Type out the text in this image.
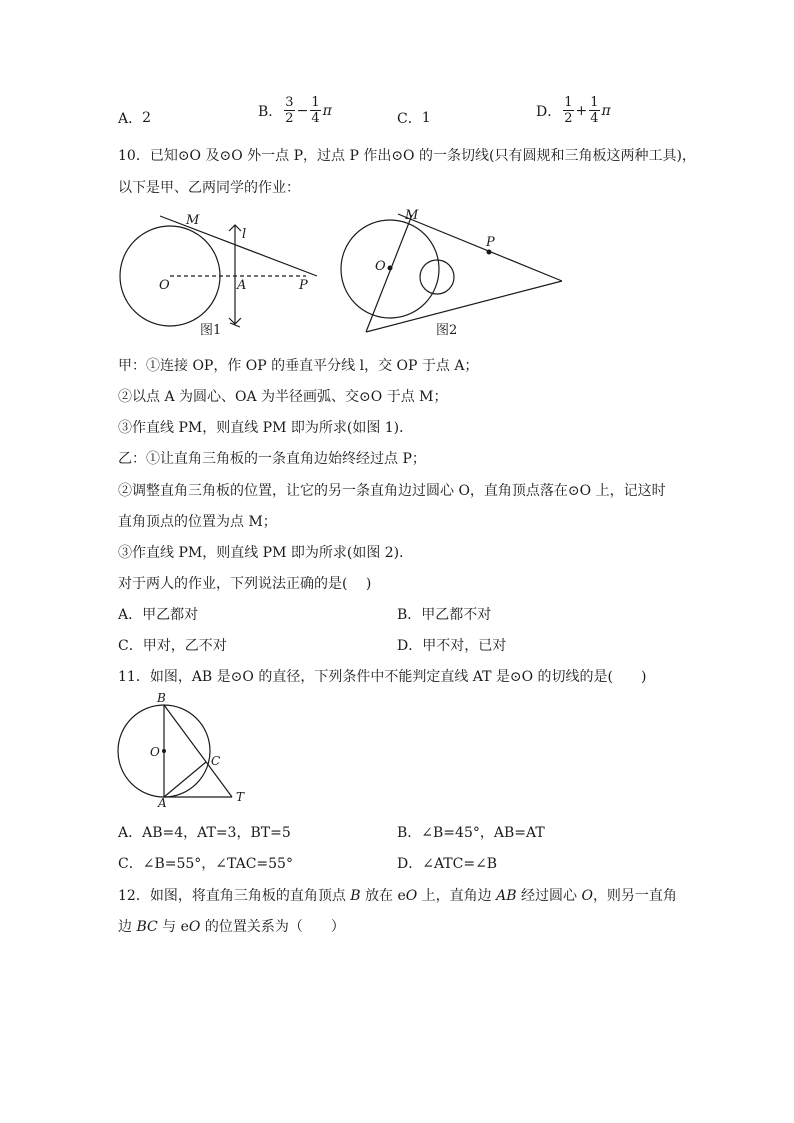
A． 2	B． $\frac{3}{2} - \frac{1}{4}$ π
C． 1	D． $\frac{1}{2} + \frac{1}{4}$ π
10．已知⊙O 及⊙O 外一点 P，过点 P 作出⊙O 的一条切线(只有圆规和三角板这两种工具)，
以下是甲、乙两同学的作业：
M
l
O	A	P
图1
M
P
O
图2
甲：①连接 OP，作 OP 的垂直平分线 l，交 OP 于点 A；
②以点 A 为圆心、OA 为半径画弧、交⊙O 于点 M；
③作直线 PM，则直线 PM 即为所求(如图 1)．
乙：①让直角三角板的一条直角边始终经过点 P；
②调整直角三角板的位置，让它的另一条直角边过圆心 O，直角顶点落在⊙O 上，记这时
直角顶点的位置为点 M；
③作直线 PM，则直线 PM 即为所求(如图 2)．
对于两人的作业，下列说法正确的是(　 )
A．甲乙都对	B．甲乙都不对
C．甲对，乙不对	D．甲不对，已对
11．如图，AB 是⊙O 的直径，下列条件中不能判定直线 AT 是⊙O 的切线的是(　　)
B
O
C
A	T
A．AB=4，AT=3，BT=5	B．∠B=45°，AB=AT
C．∠B=55°，∠TAC=55°	D．∠ATC=∠B
12．如图，将直角三角板的直角顶点 B 放在 eO 上，直角边 AB 经过圆心 O，则另一直角
边 BC 与 eO 的位置关系为（　　）
